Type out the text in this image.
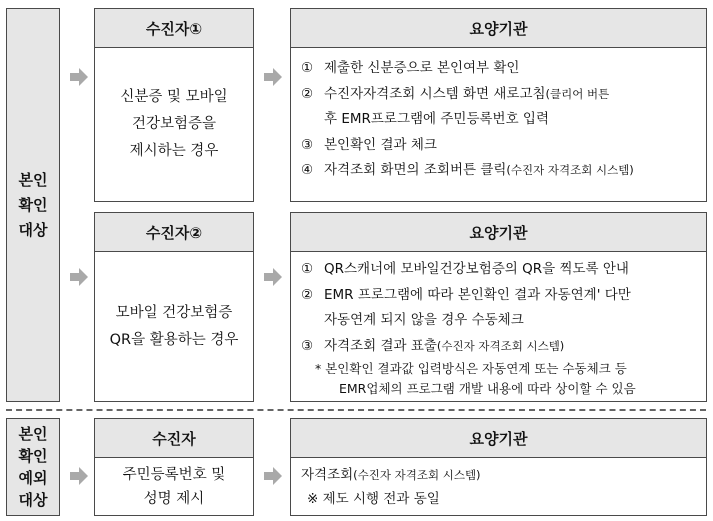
본인
확인
대상
수진자①
신분증 및 모바일
건강보험증을
제시하는 경우
요양기관
① 제출한 신분증으로 본인여부 확인
② 수진자자격조회 시스템 화면 새로고침(클리어 버튼
후 EMR프로그램에 주민등록번호 입력
③ 본인확인 결과 체크
④ 자격조회 화면의 조회버튼 클릭(수진자 자격조회 시스템)
수진자②
모바일 건강보험증
QR을 활용하는 경우
요양기관
① QR스캐너에 모바일건강보험증의 QR을 찍도록 안내
② EMR 프로그램에 따라 본인확인 결과 자동연계' 다만
자동연계 되지 않을 경우 수동체크
③ 자격조회 결과 표출(수진자 자격조회 시스템)
* 본인확인 결과값 입력방식은 자동연계 또는 수동체크 등
EMR업체의 프로그램 개발 내용에 따라 상이할 수 있음
본인
확인
예외
대상
수진자
주민등록번호 및
성명 제시
요양기관
자격조회(수진자 자격조회 시스템)
※ 제도 시행 전과 동일
